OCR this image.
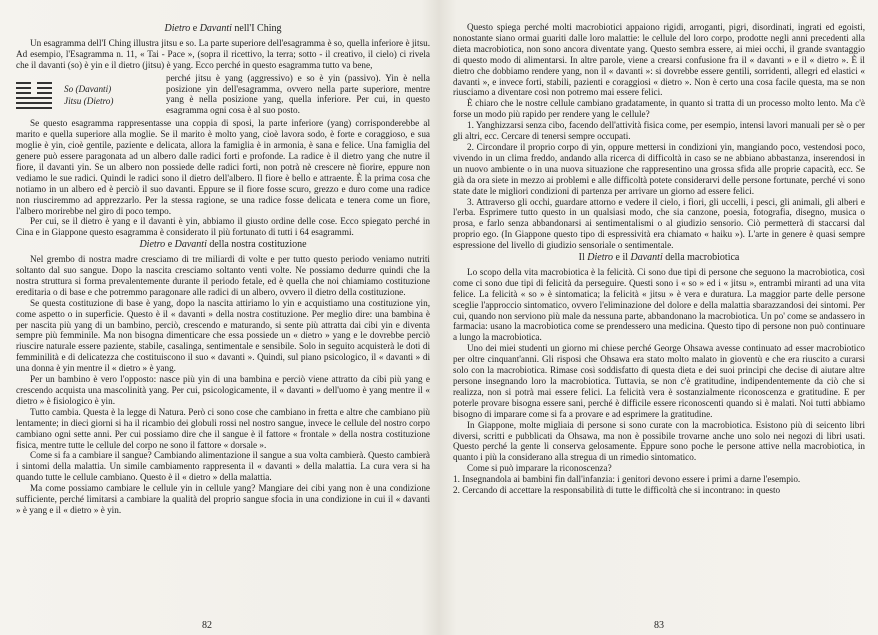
Dietro e Davanti nell'I Ching

Un esagramma dell'I Ching illustra jitsu e so. La parte superiore dell'esagramma è so, quella inferiore è jitsu. Ad esempio, l'Esagramma n. 11, « Tai - Pace », (sopra il ricettivo, la terra; sotto - il creativo, il cielo) ci rivela che il davanti (so) è yin e il dietro (jitsu) è yang. Ecco perché in questo esagramma tutto va bene,

So (Davanti)
Jitsu (Dietro)
perché jitsu è yang (aggressivo) e so è yin (passivo). Yin è nella posizione yin dell'esagramma, ovvero nella parte superiore, mentre yang è nella posizione yang, quella inferiore. Per cui, in questo esagramma ogni cosa è al suo posto.

Se questo esagramma rappresentasse una coppia di sposi, la parte inferiore (yang) corrisponderebbe al marito e quella superiore alla moglie. Se il marito è molto yang, cioè lavora sodo, è forte e coraggioso, e sua moglie è yin, cioè gentile, paziente e delicata, allora la famiglia è in armonia, è sana e felice. Una famiglia del genere può essere paragonata ad un albero dalle radici forti e profonde. La radice è il dietro yang che nutre il fiore, il davanti yin. Se un albero non possiede delle radici forti, non potrà nè crescere nè fiorire, eppure non vediamo le sue radici. Quindi le radici sono il dietro dell'albero. Il fiore è bello e attraente. È la prima cosa che notiamo in un albero ed è perciò il suo davanti. Eppure se il fiore fosse scuro, grezzo e duro come una radice non riusciremmo ad apprezzarlo. Per la stessa ragione, se una radice fosse delicata e tenera come un fiore, l'albero morirebbe nel giro di poco tempo.

Per cui, se il dietro è yang e il davanti è yin, abbiamo il giusto ordine delle cose. Ecco spiegato perché in Cina e in Giappone questo esagramma è considerato il più fortunato di tutti i 64 esagrammi.

Dietro e Davanti della nostra costituzione

Nel grembo di nostra madre cresciamo di tre miliardi di volte e per tutto questo periodo veniamo nutriti soltanto dal suo sangue. Dopo la nascita cresciamo soltanto venti volte. Ne possiamo dedurre quindi che la nostra struttura si forma prevalentemente durante il periodo fetale, ed è quella che noi chiamiamo costituzione ereditaria o di base e che potremmo paragonare alle radici di un albero, ovvero il dietro della costituzione.

Se questa costituzione di base è yang, dopo la nascita attiriamo lo yin e acquistiamo una costituzione yin, come aspetto o in superficie. Questo è il « davanti » della nostra costituzione. Per meglio dire: una bambina è per nascita più yang di un bambino, perciò, crescendo e maturando, si sente più attratta dai cibi yin e diventa sempre più femminile. Ma non bisogna dimenticare che essa possiede un « dietro » yang e le dovrebbe perciò riuscire naturale essere paziente, stabile, casalinga, sentimentale e sensibile. Solo in seguito acquisterà le doti di femminilità e di delicatezza che costituiscono il suo « davanti ». Quindi, sul piano psicologico, il « davanti » di una donna è yin mentre il « dietro » è yang.

Per un bambino è vero l'opposto: nasce più yin di una bambina e perciò viene attratto da cibi più yang e crescendo acquista una mascolinità yang. Per cui, psicologicamente, il « davanti » dell'uomo è yang mentre il « dietro » è fisiologico è yin.

Tutto cambia. Questa è la legge di Natura. Però ci sono cose che cambiano in fretta e altre che cambiano più lentamente; in dieci giorni si ha il ricambio dei globuli rossi nel nostro sangue, invece le cellule del nostro corpo cambiano ogni sette anni. Per cui possiamo dire che il sangue è il fattore « frontale » della nostra costituzione fisica, mentre tutte le cellule del corpo ne sono il fattore « dorsale ».

Come si fa a cambiare il sangue? Cambiando alimentazione il sangue a sua volta cambierà. Questo cambierà i sintomi della malattia. Un simile cambiamento rappresenta il « davanti » della malattia. La cura vera si ha quando tutte le cellule cambiano. Questo è il « dietro » della malattia.

Ma come possiamo cambiare le cellule yin in cellule yang? Mangiare dei cibi yang non è una condizione sufficiente, perché limitarsi a cambiare la qualità del proprio sangue sfocia in una condizione in cui il « davanti » è yang e il « dietro » è yin.

82

Questo spiega perché molti macrobiotici appaiono rigidi, arroganti, pigri, disordinati, ingrati ed egoisti, nonostante siano ormai guariti dalle loro malattie: le cellule del loro corpo, prodotte negli anni precedenti alla dieta macrobiotica, non sono ancora diventate yang. Questo sembra essere, ai miei occhi, il grande svantaggio di questo modo di alimentarsi. In altre parole, viene a crearsi confusione fra il « davanti » e il « dietro ». È il dietro che dobbiamo rendere yang, non il « davanti »: si dovrebbe essere gentili, sorridenti, allegri ed elastici « davanti », e invece forti, stabili, pazienti e coraggiosi « dietro ». Non è certo una cosa facile questa, ma se non riusciamo a diventare così non potremo mai essere felici.

È chiaro che le nostre cellule cambiano gradatamente, in quanto si tratta di un processo molto lento. Ma c'è forse un modo più rapido per rendere yang le cellule?

1. Yanghizzarsi senza cibo, facendo dell'attività fisica come, per esempio, intensi lavori manuali per sè o per gli altri, ecc. Cercare di tenersi sempre occupati.

2. Circondare il proprio corpo di yin, oppure mettersi in condizioni yin, mangiando poco, vestendosi poco, vivendo in un clima freddo, andando alla ricerca di difficoltà in caso se ne abbiano abbastanza, inserendosi in un nuovo ambiente o in una nuova situazione che rappresentino una grossa sfida alle proprie capacità, ecc. Se già da ora siete in mezzo ai problemi e alle difficoltà potete considerarvi delle persone fortunate, perché vi sono state date le migliori condizioni di partenza per arrivare un giorno ad essere felici.

3. Attraverso gli occhi, guardare attorno e vedere il cielo, i fiori, gli uccelli, i pesci, gli animali, gli alberi e l'erba. Esprimere tutto questo in un qualsiasi modo, che sia canzone, poesia, fotografia, disegno, musica o prosa, e farlo senza abbandonarsi ai sentimentalismi o al giudizio sensorio. Ciò permetterà di staccarsi dal proprio ego. (In Giappone questo tipo di espressività era chiamato « haiku »). L'arte in genere è quasi sempre espressione del livello di giudizio sensoriale o sentimentale.

Il Dietro e il Davanti della macrobiotica

Lo scopo della vita macrobiotica è la felicità. Ci sono due tipi di persone che seguono la macrobiotica, così come ci sono due tipi di felicità da perseguire. Questi sono i « so » ed i « jitsu », entrambi miranti ad una vita felice. La felicità « so » è sintomatica; la felicità « jitsu » è vera e duratura. La maggior parte delle persone sceglie l'approccio sintomatico, ovvero l'eliminazione del dolore e della malattia sbarazzandosi dei sintomi. Per cui, quando non serviono più male da nessuna parte, abbandonano la macrobiotica. Un po' come se andassero in farmacia: usano la macrobiotica come se prendessero una medicina. Questo tipo di persone non può continuare a lungo la macrobiotica.

Uno dei miei studenti un giorno mi chiese perché George Ohsawa avesse continuato ad esser macrobiotico per oltre cinquant'anni. Gli risposi che Ohsawa era stato molto malato in gioventù e che era riuscito a curarsi solo con la macrobiotica. Rimase così soddisfatto di questa dieta e dei suoi principi che decise di aiutare altre persone insegnando loro la macrobiotica. Tuttavia, se non c'è gratitudine, indipendentemente da ciò che si realizza, non si potrà mai essere felici. La felicità vera è sostanzialmente riconoscenza e gratitudine. E per poterle provare bisogna essere sani, perché è difficile essere riconoscenti quando si è malati. Noi tutti abbiamo bisogno di imparare come si fa a provare e ad esprimere la gratitudine.

In Giappone, molte migliaia di persone si sono curate con la macrobiotica. Esistono più di seicento libri diversi, scritti e pubblicati da Ohsawa, ma non è possibile trovarne anche uno solo nei negozi di libri usati. Questo perché la gente li conserva gelosamente. Eppure sono poche le persone attive nella macrobiotica, in quanto i più la considerano alla stregua di un rimedio sintomatico.

Come si può imparare la riconoscenza?

1. Insegnandola ai bambini fin dall'infanzia: i genitori devono essere i primi a darne l'esempio.

2. Cercando di accettare la responsabilità di tutte le difficoltà che si incontrano: in questo

83
